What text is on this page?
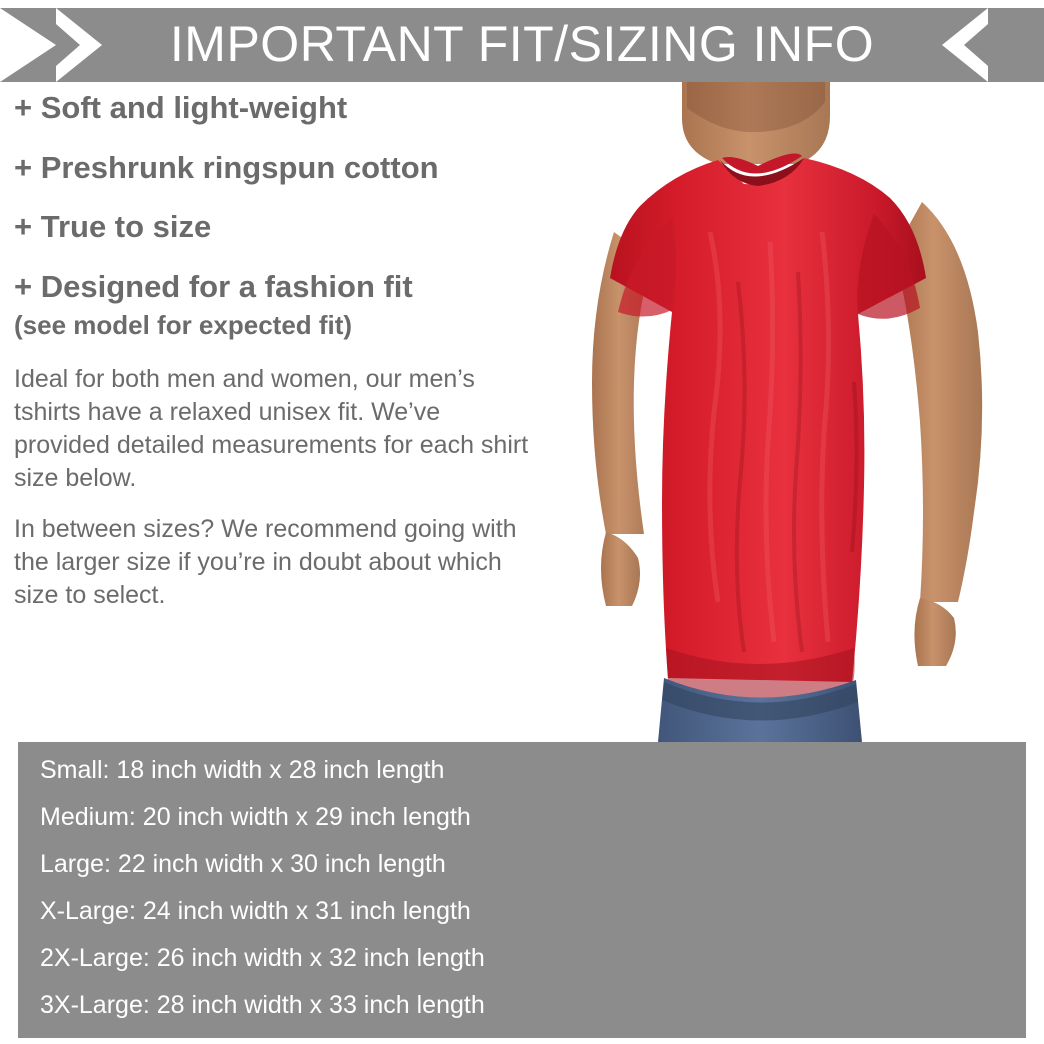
IMPORTANT FIT/SIZING INFO
+ Soft and light-weight
+ Preshrunk ringspun cotton
+ True to size
+ Designed for a fashion fit
(see model for expected fit)
Ideal for both men and women, our men’s tshirts have a relaxed unisex fit. We’ve provided detailed measurements for each shirt size below.
In between sizes? We recommend going with the larger size if you’re in doubt about which size to select.
Small: 18 inch width x 28 inch length
Medium: 20 inch width x 29 inch length
Large: 22 inch width x 30 inch length
X-Large: 24 inch width x 31 inch length
2X-Large: 26 inch width x 32 inch length
3X-Large: 28 inch width x 33 inch length
